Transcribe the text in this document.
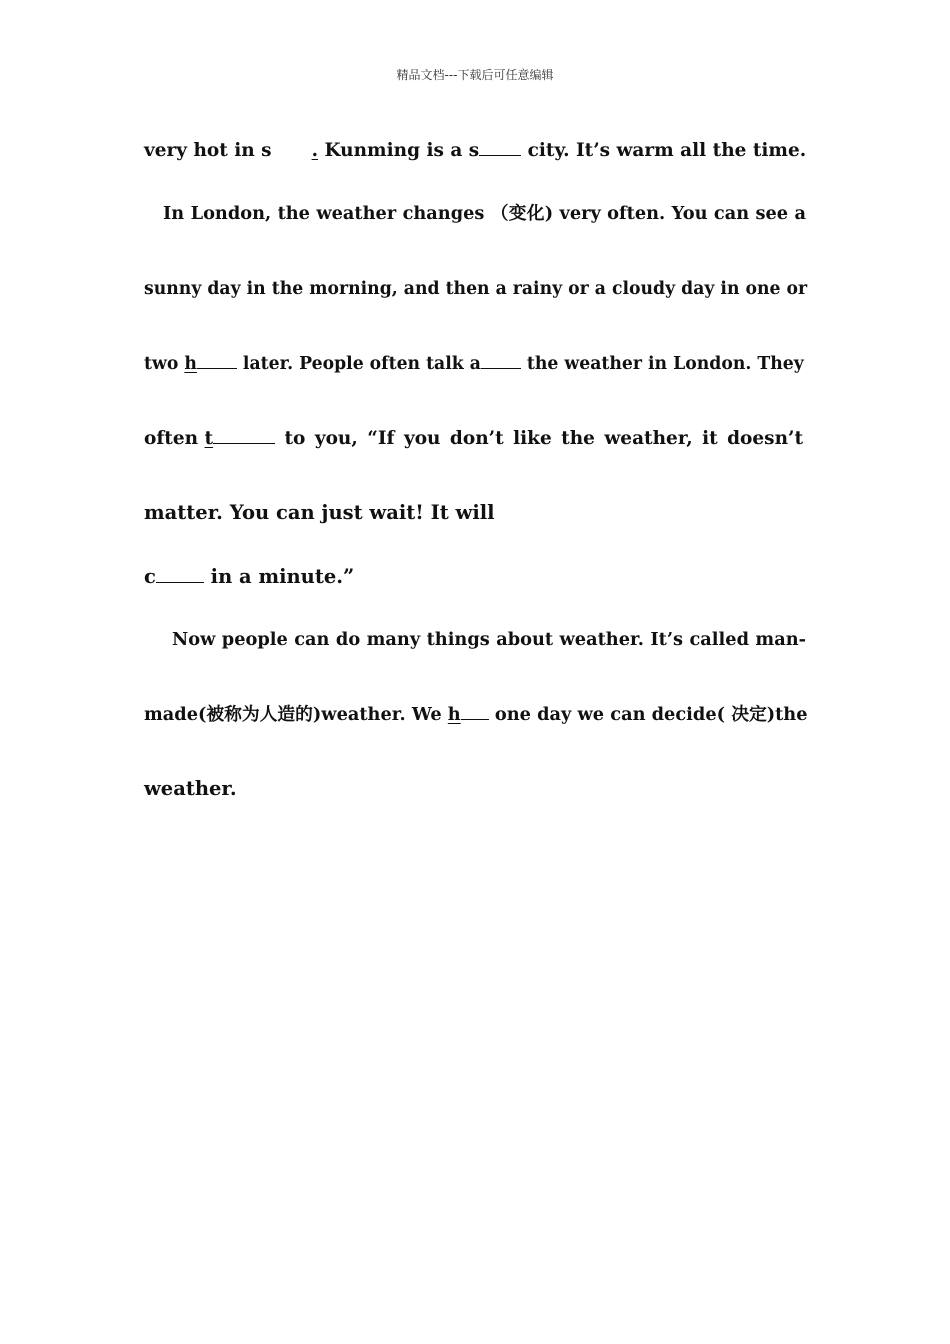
精品文档---下载后可任意编辑
very hot in s . Kunming is a s city. It’s warm all the time.
In London, the weather changes （变化) very often. You can see a
sunny day in the morning, and then a rainy or a cloudy day in one or
two h later. People often talk a the weather in London. They
often t	to you, “If you don’t like the weather, it doesn’t
matter. You can just wait! It will
c in a minute.”
Now people can do many things about weather. It’s called man-
made(被称为人造的)weather. We h one day we can decide( 决定)the
weather.
